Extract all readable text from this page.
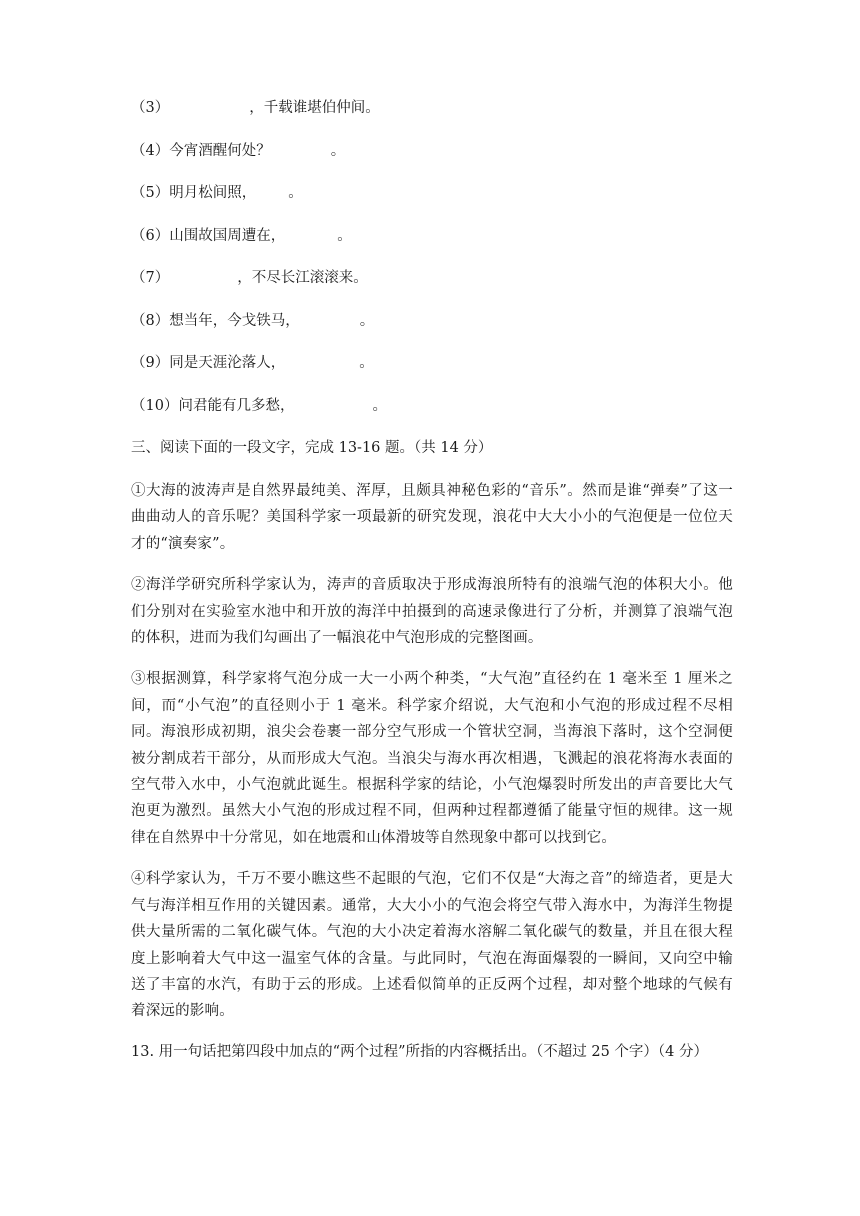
（3）	，千载谁堪伯仲间。
（4）今宵酒醒何处？	。
（5）明月松间照， 。
（6）山围故国周遭在，	。
（7）	，不尽长江滚滚来。
（8）想当年，今戈铁马，	。
（9）同是天涯沦落人，	。
（10）问君能有几多愁，	。
三、阅读下面的一段文字，完成 13-16 题。（共 14 分）

①大海的波涛声是自然界最纯美、浑厚，且颇具神秘色彩的“音乐”。然而是谁“弹奏”了这一曲曲动人的音乐呢？美国科学家一项最新的研究发现，浪花中大大小小的气泡便是一位位天才的“演奏家”。

②海洋学研究所科学家认为，涛声的音质取决于形成海浪所特有的浪端气泡的体积大小。他们分别对在实验室水池中和开放的海洋中拍摄到的高速录像进行了分析，并测算了浪端气泡的体积，进而为我们勾画出了一幅浪花中气泡形成的完整图画。

③根据测算，科学家将气泡分成一大一小两个种类，“大气泡”直径约在 1 毫米至 1 厘米之间，而“小气泡”的直径则小于 1 毫米。科学家介绍说，大气泡和小气泡的形成过程不尽相同。海浪形成初期，浪尖会卷裹一部分空气形成一个管状空洞，当海浪下落时，这个空洞便被分割成若干部分，从而形成大气泡。当浪尖与海水再次相遇，飞溅起的浪花将海水表面的空气带入水中，小气泡就此诞生。根据科学家的结论，小气泡爆裂时所发出的声音要比大气泡更为激烈。虽然大小气泡的形成过程不同，但两种过程都遵循了能量守恒的规律。这一规律在自然界中十分常见，如在地震和山体滑坡等自然现象中都可以找到它。

④科学家认为，千万不要小瞧这些不起眼的气泡，它们不仅是“大海之音”的缔造者，更是大气与海洋相互作用的关键因素。通常，大大小小的气泡会将空气带入海水中，为海洋生物提供大量所需的二氧化碳气体。气泡的大小决定着海水溶解二氧化碳气的数量，并且在很大程度上影响着大气中这一温室气体的含量。与此同时，气泡在海面爆裂的一瞬间，又向空中输送了丰富的水汽，有助于云的形成。上述看似简单的正反两个过程，却对整个地球的气候有着深远的影响。

13. 用一句话把第四段中加点的“两个过程”所指的内容概括出。（不超过 25 个字）（4 分）
